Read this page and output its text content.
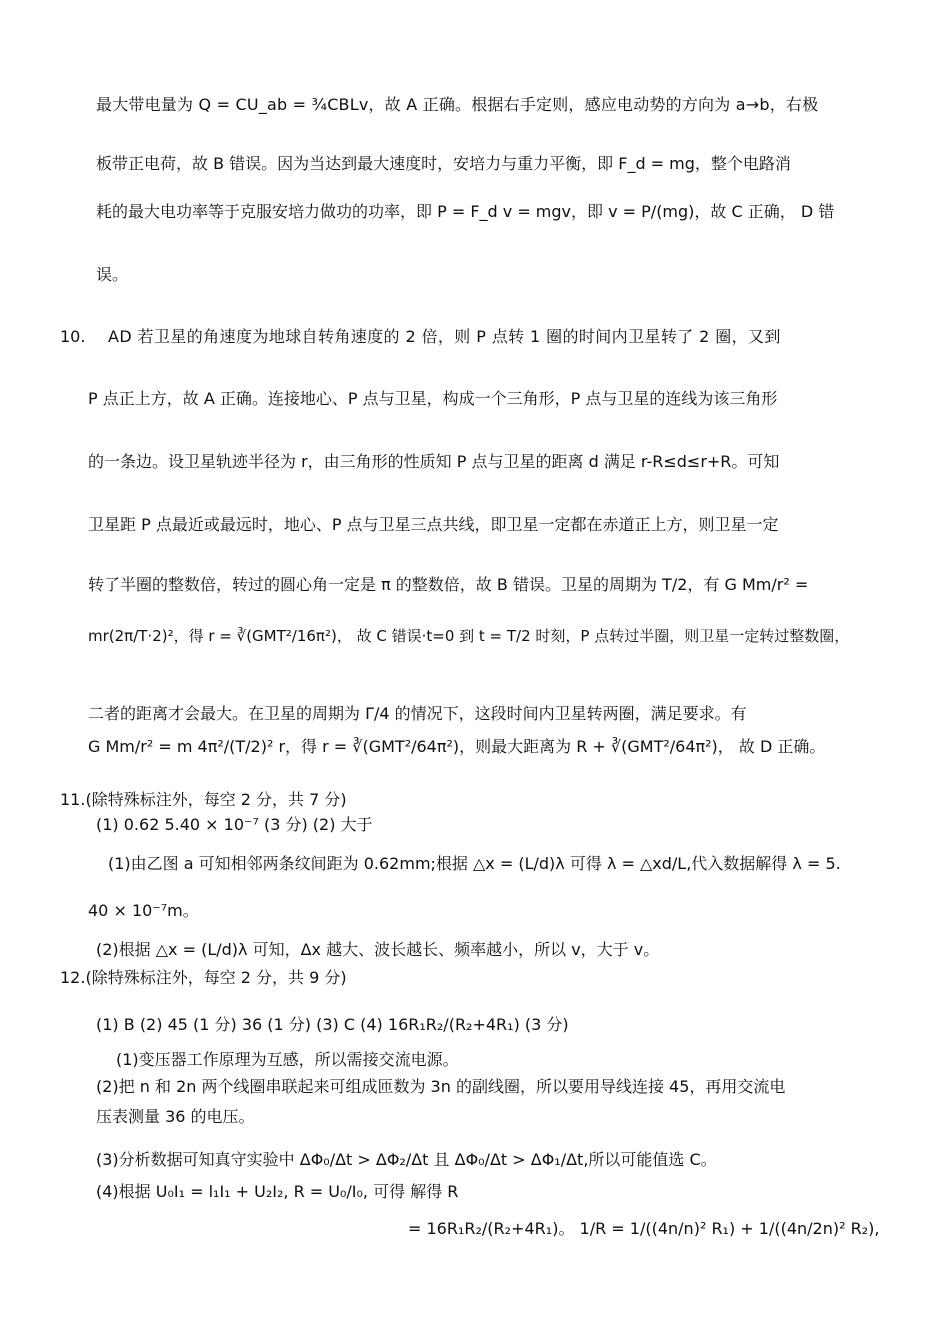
最大带电量为 Q = CU_ab = ¾CBLv，故 A 正确。根据右手定则，感应电动势的方向为 a→b，右极
板带正电荷，故 B 错误。因为当达到最大速度时，安培力与重力平衡，即 F_d = mg，整个电路消
耗的最大电功率等于克服安培力做功的功率，即 P = F_d v = mgv，即 v = P/(mg)，故 C 正确， D 错
误。
10. AD 若卫星的角速度为地球自转角速度的 2 倍，则 P 点转 1 圈的时间内卫星转了 2 圈，又到
P 点正上方，故 A 正确。连接地心、P 点与卫星，构成一个三角形，P 点与卫星的连线为该三角形
的一条边。设卫星轨迹半径为 r，由三角形的性质知 P 点与卫星的距离 d 满足 r-R≤d≤r+R。可知
卫星距 P 点最近或最远时，地心、P 点与卫星三点共线，即卫星一定都在赤道正上方，则卫星一定
转了半圈的整数倍，转过的圆心角一定是 π 的整数倍，故 B 错误。卫星的周期为 T/2，有 G Mm/r² =
mr(2π/T·2)²，得 r = ∛(GMT²/16π²)， 故 C 错误·t=0 到 t = T/2 时刻，P 点转过半圈，则卫星一定转过整数圈，
二者的距离才会最大。在卫星的周期为 Γ/4 的情况下，这段时间内卫星转两圈，满足要求。有
G Mm/r² = m 4π²/(T/2)² r，得 r = ∛(GMT²/64π²)，则最大距离为 R + ∛(GMT²/64π²)， 故 D 正确。
11.(除特殊标注外，每空 2 分，共 7 分)
(1) 0.62 5.40 × 10⁻⁷ (3 分) (2) 大于
(1)由乙图 a 可知相邻两条纹间距为 0.62mm;根据 △x = (L/d)λ 可得 λ = △xd/L,代入数据解得 λ = 5.
40 × 10⁻⁷m。
(2)根据 △x = (L/d)λ 可知，Δx 越大、波长越长、频率越小，所以 v，大于 v。
12.(除特殊标注外，每空 2 分，共 9 分)
(1) B (2) 45 (1 分) 36 (1 分) (3) C (4) 16R₁R₂/(R₂+4R₁) (3 分)
(1)变压器工作原理为互感，所以需接交流电源。
(2)把 n 和 2n 两个线圈串联起来可组成匝数为 3n 的副线圈，所以要用导线连接 45，再用交流电
压表测量 36 的电压。
(3)分析数据可知真守实验中 ΔΦ₀/Δt > ΔΦ₂/Δt 且 ΔΦ₀/Δt > ΔΦ₁/Δt,所以可能值选 C。
(4)根据 U₀I₁ = l₁I₁ + U₂I₂, R = U₀/I₀, 可得 解得 R
= 16R₁R₂/(R₂+4R₁)。 1/R = 1/((4n/n)² R₁) + 1/((4n/2n)² R₂),
